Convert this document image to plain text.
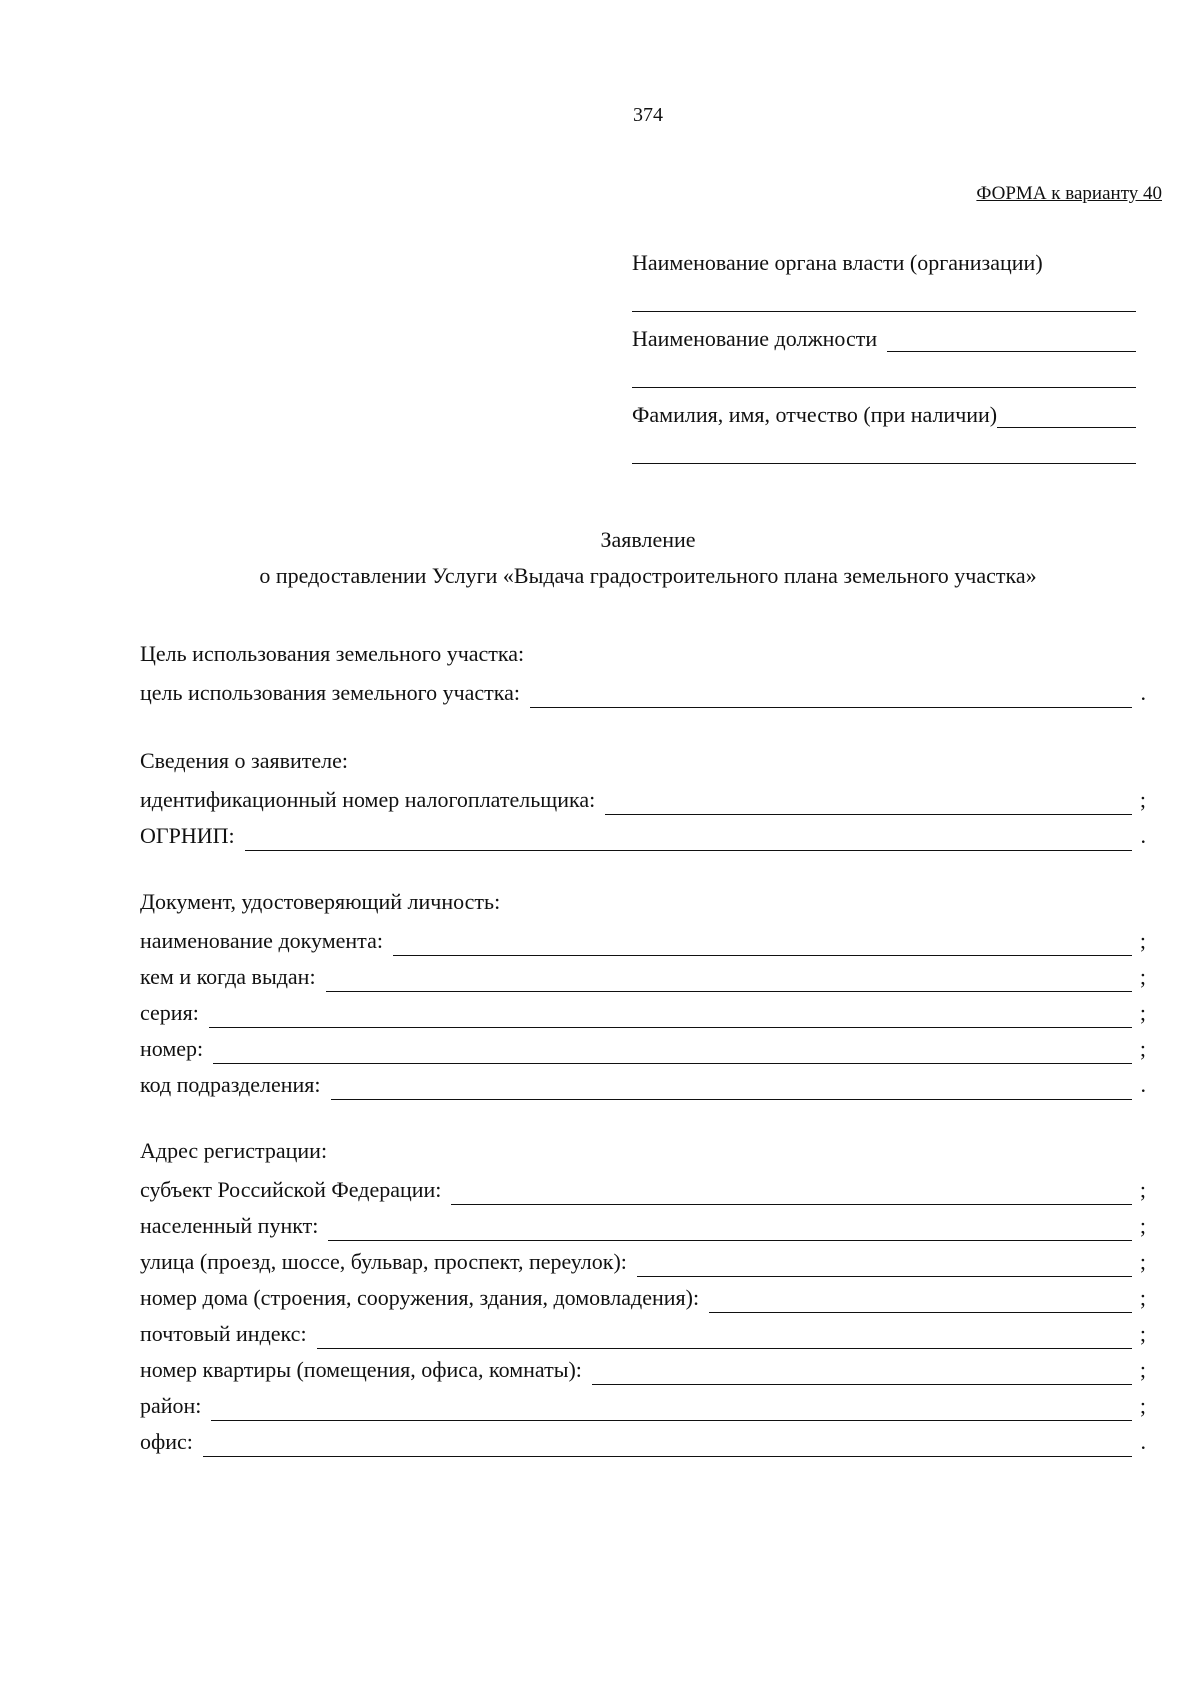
374
ФОРМА к варианту 40
Наименование органа власти (организации)
Наименование должности
Фамилия, имя, отчество (при наличии)
Заявление
о предоставлении Услуги «Выдача градостроительного плана земельного участка»
Цель использования земельного участка:
цель использования земельного участка:	.
Сведения о заявителе:
идентификационный номер налогоплательщика:	;
ОГРНИП:	.
Документ, удостоверяющий личность:
наименование документа:	;
кем и когда выдан:	;
серия:	;
номер:	;
код подразделения:	.
Адрес регистрации:
субъект Российской Федерации:	;
населенный пункт:	;
улица (проезд, шоссе, бульвар, проспект, переулок):	;
номер дома (строения, сооружения, здания, домовладения):	;
почтовый индекс:	;
номер квартиры (помещения, офиса, комнаты):	;
район:	;
офис:	.
